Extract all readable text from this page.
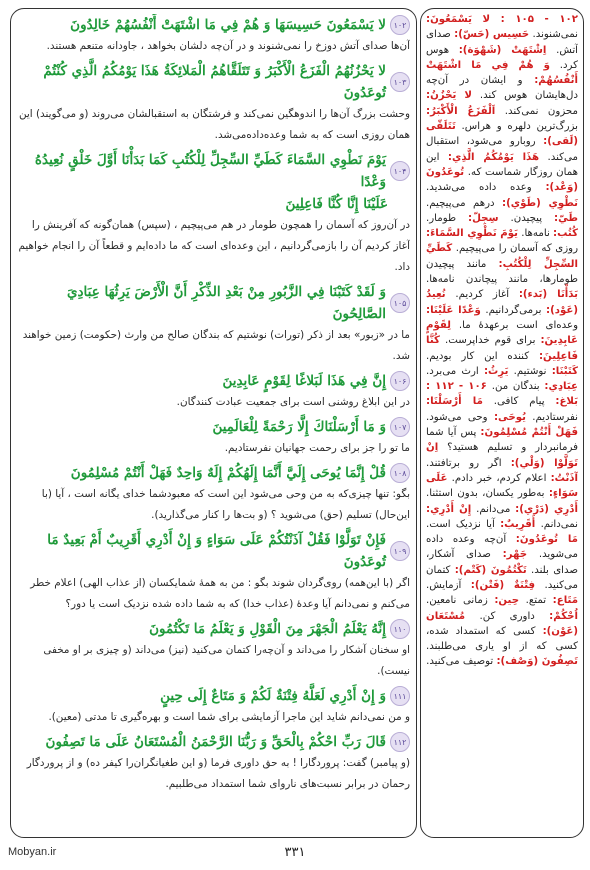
۱۰۲
لا يَسْمَعُونَ حَسِيسَهَا وَ هُمْ فِي مَا اشْتَهَتْ أَنْفُسُهُمْ خَالِدُونَ
آن‌ها صدای آتش دوزخ را نمی‌شنوند و در آن‌چه دلشان بخواهد ، جاودانه متنعم هستند.
۱۰۳
لا يَحْزُنُهُمُ الْفَزَعُ الْأَكْبَرُ وَ تَتَلَقَّاهُمُ الْمَلائِكَةُ هَذَا يَوْمُكُمُ الَّذِي كُنْتُمْ تُوعَدُونَ
وحشت بزرگ آن‌ها را اندوهگین نمی‌کند و فرشتگان به استقبالشان می‌روند (و می‌گویند) این همان روزی است که به شما وعده‌داده‌می‌شد.
۱۰۴
يَوْمَ نَطْوِي السَّمَاءَ كَطَيِّ السِّجِلِّ لِلْكُتُبِ كَمَا بَدَأْنَا أَوَّلَ خَلْقٍ نُعِيدُهُ وَعْدًا
عَلَيْنَا إِنَّا كُنَّا فَاعِلِينَ
در آن‌روز که آسمان را همچون طومار در هم می‌پیچیم ، (سپس) همان‌گونه که آفرینش را آغاز کردیم آن را بازمی‌گردانیم ، این وعده‌ای است که ما داده‌ایم و قطعاً آن را انجام خواهیم داد.
۱۰۵
وَ لَقَدْ كَتَبْنَا فِي الزَّبُورِ مِنْ بَعْدِ الذِّكْرِ أَنَّ الْأَرْضَ يَرِثُهَا عِبَادِيَ الصَّالِحُونَ
ما در «زبور» بعد از ذکر (تورات) نوشتیم که بندگان صالح من وارث (حکومت) زمین خواهند شد.
۱۰۶
إِنَّ فِي هَذَا لَبَلاغًا لِقَوْمٍ عَابِدِينَ
در این ابلاغ روشنی است برای جمعیت عبادت کنندگان.
۱۰۷
وَ مَا أَرْسَلْنَاكَ إِلَّا رَحْمَةً لِلْعَالَمِينَ
ما تو را جز برای رحمت جهانیان نفرستادیم.
۱۰۸
قُلْ إِنَّمَا يُوحَى إِلَيَّ أَنَّمَا إِلَهُكُمْ إِلَهٌ وَاحِدٌ فَهَلْ أَنْتُمْ مُسْلِمُونَ
بگو: تنها چیزی‌که به من وحی می‌شود این است که معبودشما خدای یگانه است ، آیا (با این‌حال) تسلیم (حق) می‌شوید ؟ (و بت‌ها را کنار می‌گذارید).
۱۰۹
فَإِنْ تَوَلَّوْا فَقُلْ آذَنْتُكُمْ عَلَى سَوَاءٍ وَ إِنْ أَدْرِي أَقَرِيبٌ أَمْ بَعِيدٌ مَا تُوعَدُونَ
اگر (با این‌همه) روی‌گردان شوند بگو : من به همهٔ شمایکسان (از عذاب الهی) اعلام خطر می‌کنم و نمی‌دانم آیا وعدهٔ (عذاب خدا) که به شما داده شده نزدیک است یا دور؟
۱۱۰
إِنَّهُ يَعْلَمُ الْجَهْرَ مِنَ الْقَوْلِ وَ يَعْلَمُ مَا تَكْتُمُونَ
او سخنان آشکار را می‌داند و آن‌چه‌را کتمان می‌کنید (نیز) می‌داند (و چیزی بر او مخفی نیست).
۱۱۱
وَ إِنْ أَدْرِي لَعَلَّهُ فِتْنَةٌ لَكُمْ وَ مَتَاعٌ إِلَى حِينٍ
و من نمی‌دانم شاید این ماجرا آزمایشی برای شما است و بهره‌گیری تا مدتی (معین).
۱۱۲
قَالَ رَبِّ احْكُمْ بِالْحَقِّ وَ رَبُّنَا الرَّحْمَنُ الْمُسْتَعَانُ عَلَى مَا تَصِفُونَ
(و پیامبر) گفت: پروردگارا ! به حق داوری فرما (و این طغیانگران‌را کیفر ده) و از پروردگار رحمان در برابر نسبت‌های ناروای شما استمداد می‌طلبیم.
۱۰۲ - ۱۰۵ : لا يَسْمَعُونَ: نمی‌شنوند. حَسِيس (حَسّ): صدای آتش. اِشْتَهَتْ (شَهْوَة): هوس کرد. وَ هُمْ فِي مَا اشْتَهَتْ أَنْفُسُهُمْ: و ایشان در آن‌چه دل‌هایشان هوس کند. لا يَحْزُنُ: محزون نمی‌کند. اَلْفَزَعُ الْأَكْبَرُ: بزرگ‌ترین دلهره و هراس. تَتَلَقّى (لَقى): روبارو می‌شود، استقبال می‌کند. هَذَا يَوْمُكُمُ الَّذِي: این همان روزگار شماست که. تُوعَدُونَ (وَعْد): وعده داده می‌شدید. نَطْوِي (طَوْي): درهم می‌پیچیم. طَيّ: پیچیدن. سِجِلّ: طومار. كُتُب: نامه‌ها. يَوْمَ نَطْوِي السَّمَاءَ: روزی که آسمان را می‌پیچیم. كَطَيِّ السِّجِلِّ لِلْكُتُبِ: مانند پیچیدن طومارها، مانند پیچاندن نامه‌ها. بَدَأْنَا (بَدء): آغاز کردیم. نُعِيدُ (عَوْد): برمی‌گردانیم. وَعْدًا عَلَيْنَا: وعده‌ای است برعهدهٔ ما. لِقَوْمٍ عَابِدِينَ: برای قوم خداپرست. كُنَّا فَاعِلِينَ: کننده این کار بودیم. كَتَبْنَا: نوشتیم. يَرِثُ: ارث می‌برد. عِبَادِي: بندگان من. ۱۰۶ - ۱۱۲ : بَلاغ: پیام کافی. مَا أَرْسَلْنَا: نفرستادیم. يُوحَى: وحی می‌شود. فَهَلْ أَنْتُمْ مُسْلِمُونَ: پس آیا شما فرمانبردار و تسلیم هستید؟ اِنْ تَوَلَّوْا (وَلْي): اگر رو برتافتند. آذَنْتُ: اعلام کردم، خبر دادم. عَلَى سَوَاءٍ: به‌طور یکسان، بدون استثنا. أَدْرِي (دَرْي): می‌دانم. إِنْ أَدْرِي: نمی‌دانم. أَقَرِيبٌ: آیا نزدیک است. مَا تُوعَدُونَ: آن‌چه وعده داده می‌شوید. جَهْر: صدای آشکار، صدای بلند. تَكْتُمُونَ (كَتْم): کتمان می‌کنید. فِتْنَةٌ (فَتْن): آزمایش. مَتَاع: تمتع. حِين: زمانی نامعین. اُحْكُمْ: داوری کن. مُسْتَعَان (عَوْن): کسی که استمداد شده، کسی که از او یاری می‌طلبند. تَصِفُونَ (وَصْف): توصیف می‌کنید.
۳۳۱
Mobyan.ir
